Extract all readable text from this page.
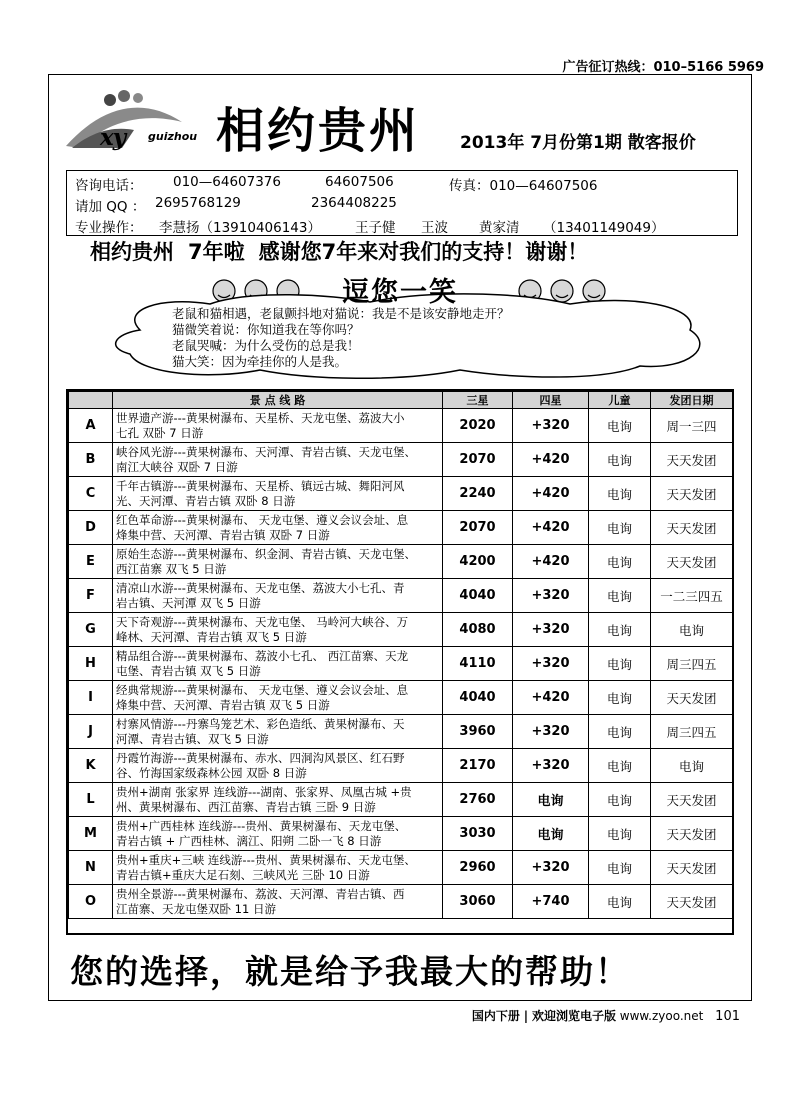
广告征订热线：010–5166 5969
xy guizhou 相约贵州 2013年 7月份第1期 散客报价
咨询电话： 010—64607376	64607506	传真：010—64607506
请加 QQ ： 2695768129	2364408225
专业操作： 李慧扬（13910406143）	王子健 王波 黄家清 （13401149049）
相约贵州 7年啦 感谢您7年来对我们的支持！谢谢！
逗您一笑
老鼠和猫相遇，老鼠颤抖地对猫说：我是不是该安静地走开？
猫微笑着说：你知道我在等你吗？
老鼠哭喊：为什么受伤的总是我！
猫大笑：因为牵挂你的人是我。
	景 点 线 路	三星	四星	儿童	发团日期
A	世界遗产游---黄果树瀑布、天星桥、天龙屯堡、荔波大小
七孔 双卧 7 日游	2020	+320	电询	周一三四
B	峡谷风光游---黄果树瀑布、天河潭、青岩古镇、天龙屯堡、
南江大峡谷 双卧 7 日游	2070	+420	电询	天天发团
C	千年古镇游---黄果树瀑布、天星桥、镇远古城、舞阳河风
光、天河潭、青岩古镇 双卧 8 日游	2240	+420	电询	天天发团
D	红色革命游---黄果树瀑布、 天龙屯堡、遵义会议会址、息
烽集中营、天河潭、青岩古镇 双卧 7 日游	2070	+420	电询	天天发团
E	原始生态游---黄果树瀑布、织金洞、青岩古镇、天龙屯堡、
西江苗寨 双飞 5 日游	4200	+420	电询	天天发团
F	清凉山水游---黄果树瀑布、天龙屯堡、荔波大小七孔、青
岩古镇、天河潭 双飞 5 日游	4040	+320	电询	一二三四五
G	天下奇观游---黄果树瀑布、天龙屯堡、 马岭河大峡谷、万
峰林、天河潭、青岩古镇 双飞 5 日游	4080	+320	电询	电询
H	精品组合游---黄果树瀑布、荔波小七孔、 西江苗寨、天龙
屯堡、青岩古镇 双飞 5 日游	4110	+320	电询	周三四五
I	经典常规游---黄果树瀑布、 天龙屯堡、遵义会议会址、息
烽集中营、天河潭、青岩古镇 双飞 5 日游	4040	+420	电询	天天发团
J	村寨风情游---丹寨鸟笼艺术、彩色造纸、黄果树瀑布、天
河潭、青岩古镇、双飞 5 日游	3960	+320	电询	周三四五
K	丹霞竹海游---黄果树瀑布、赤水、四洞沟风景区、红石野
谷、竹海国家级森林公园 双卧 8 日游	2170	+320	电询	电询
L	贵州+湖南 张家界 连线游---湖南、张家界、凤凰古城 +贵
州、黄果树瀑布、西江苗寨、青岩古镇 三卧 9 日游	2760	电询	电询	天天发团
M	贵州+广西桂林 连线游---贵州、黄果树瀑布、天龙屯堡、
青岩古镇 + 广西桂林、漓江、阳朔 二卧一飞 8 日游	3030	电询	电询	天天发团
N	贵州+重庆+三峡 连线游---贵州、黄果树瀑布、天龙屯堡、
青岩古镇+重庆大足石刻、三峡风光 三卧 10 日游	2960	+320	电询	天天发团
O	贵州全景游---黄果树瀑布、荔波、天河潭、青岩古镇、西
江苗寨、天龙屯堡双卧 11 日游	3060	+740	电询	天天发团
您的选择，就是给予我最大的帮助！
国内下册 | 欢迎浏览电子版 www.zyoo.net 101
